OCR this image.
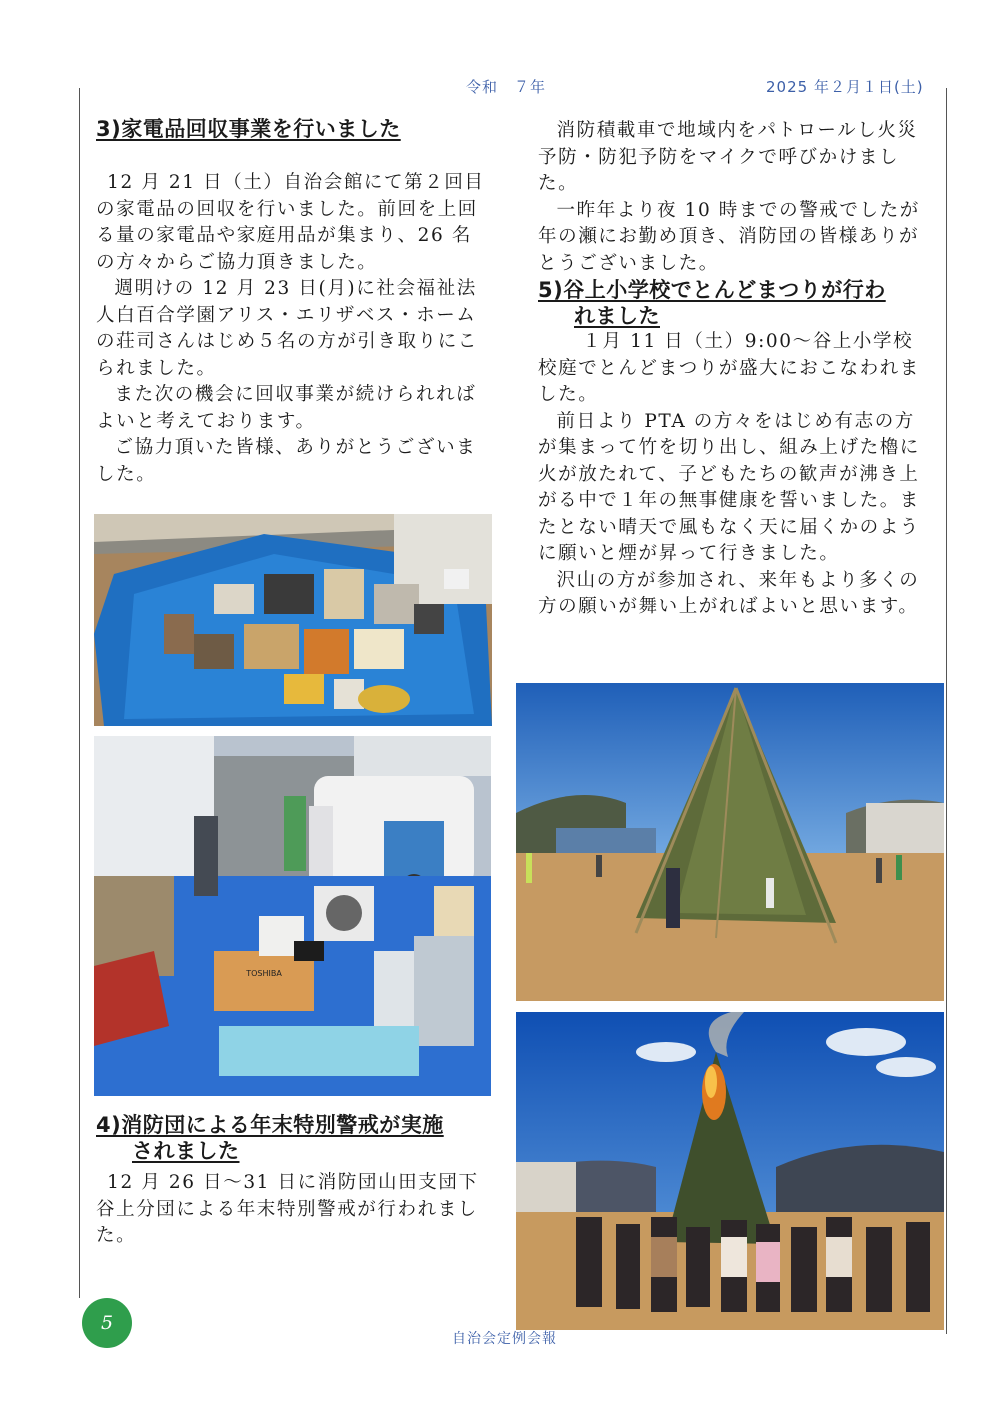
令和　７年	2025 年２月１日(土)
3)家電品回収事業を行いました

12 月 21 日（土）自治会館にて第２回目の家電品の回収を行いました。前回を上回る量の家電品や家庭用品が集まり、26 名の方々からご協力頂きました。

週明けの 12 月 23 日(月)に社会福祉法人白百合学園アリス・エリザベス・ホームの荘司さんはじめ５名の方が引き取りにこられました。

また次の機会に回収事業が続けられればよいと考えております。

ご協力頂いた皆様、ありがとうございました。

TOSHIBA
4)消防団による年末特別警戒が実施
されました

12 月 26 日〜31 日に消防団山田支団下谷上分団による年末特別警戒が行われました。

消防積載車で地域内をパトロールし火災予防・防犯予防をマイクで呼びかけました。

一昨年より夜 10 時までの警戒でしたが年の瀬にお勤め頂き、消防団の皆様ありがとうございました。

5)谷上小学校でとんどまつりが行わ
れました

１月 11 日（土）9:00〜谷上小学校校庭でとんどまつりが盛大におこなわれました。

前日より PTA の方々をはじめ有志の方が集まって竹を切り出し、組み上げた櫓に火が放たれて、子どもたちの歓声が沸き上がる中で１年の無事健康を誓いました。またとない晴天で風もなく天に届くかのように願いと煙が昇って行きました。

沢山の方が参加され、来年もより多くの方の願いが舞い上がればよいと思います。

5
自治会定例会報
